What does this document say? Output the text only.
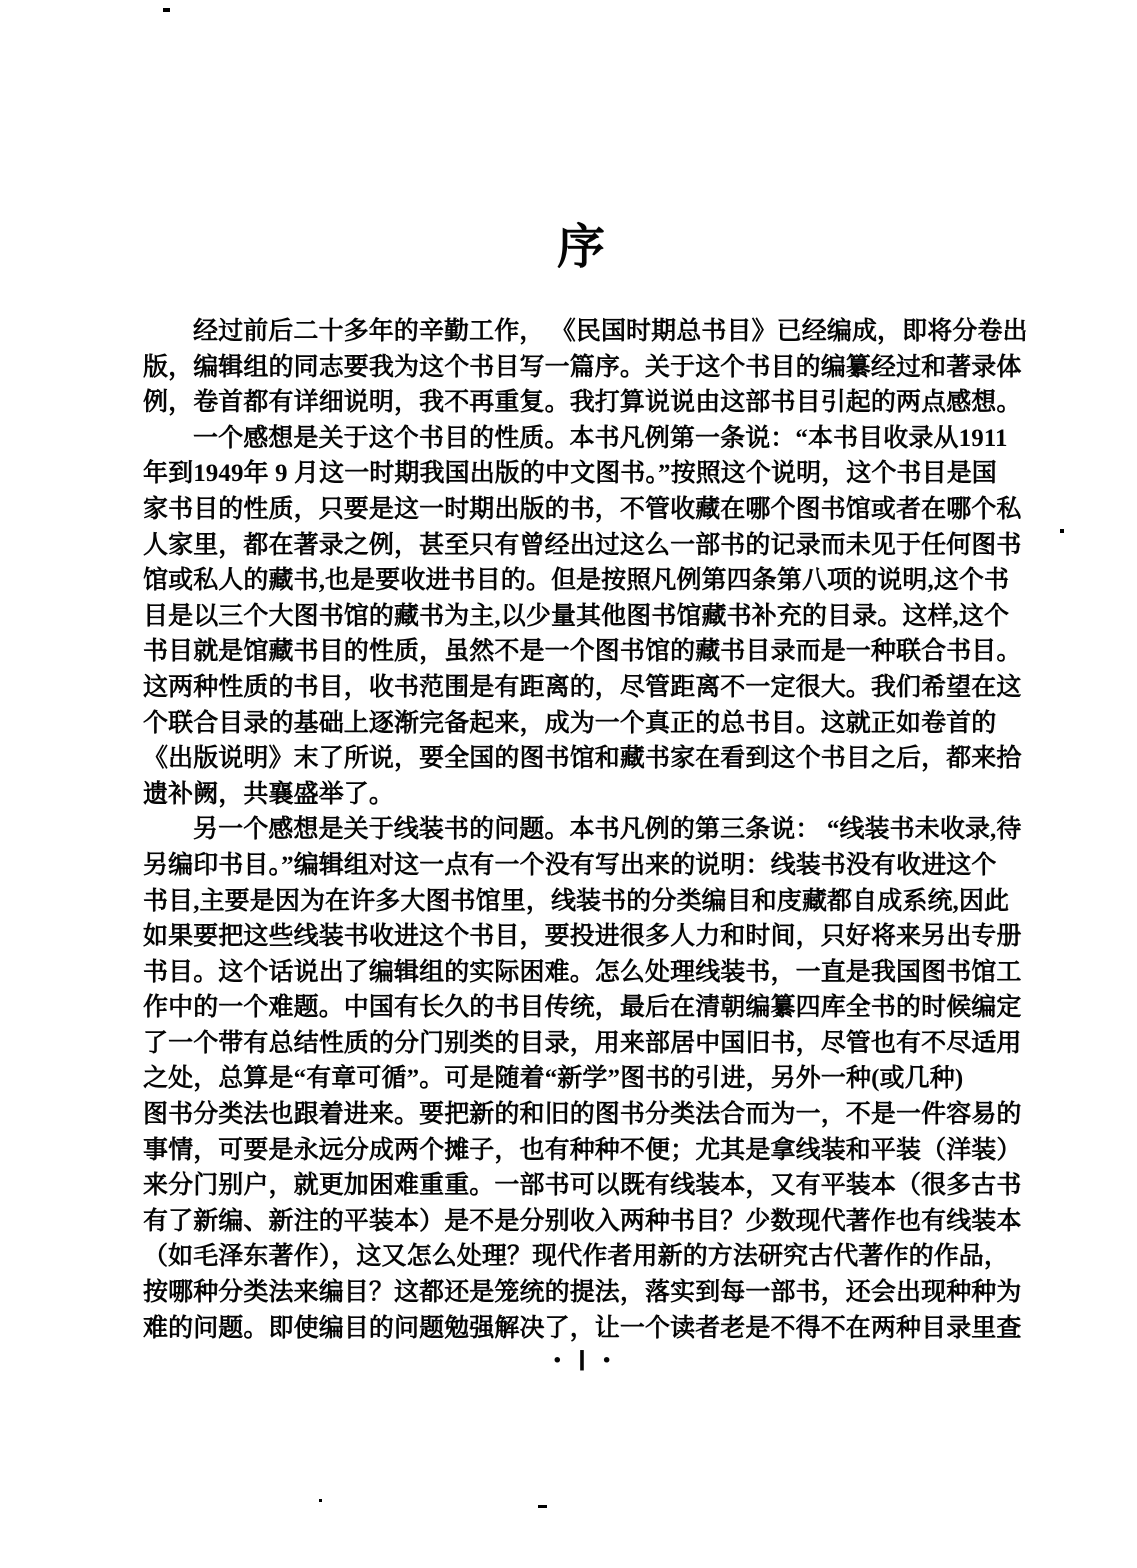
序
经过前后二十多年的辛勤工作， 《民国时期总书目》已经编成，即将分卷出
版，编辑组的同志要我为这个书目写一篇序。关于这个书目的编纂经过和著录体
例，卷首都有详细说明，我不再重复。我打算说说由这部书目引起的两点感想。
一个感想是关于这个书目的性质。本书凡例第一条说：“本书目收录从1911
年到1949年 9 月这一时期我国出版的中文图书。”按照这个说明，这个书目是国
家书目的性质，只要是这一时期出版的书，不管收藏在哪个图书馆或者在哪个私
人家里，都在著录之例，甚至只有曾经出过这么一部书的记录而未见于任何图书
馆或私人的藏书,也是要收进书目的。但是按照凡例第四条第八项的说明,这个书
目是以三个大图书馆的藏书为主,以少量其他图书馆藏书补充的目录。这样,这个
书目就是馆藏书目的性质，虽然不是一个图书馆的藏书目录而是一种联合书目。
这两种性质的书目，收书范围是有距离的，尽管距离不一定很大。我们希望在这
个联合目录的基础上逐渐完备起来，成为一个真正的总书目。这就正如卷首的
《出版说明》末了所说，要全国的图书馆和藏书家在看到这个书目之后，都来拾
遗补阙，共襄盛举了。
另一个感想是关于线装书的问题。本书凡例的第三条说： “线装书未收录,待
另编印书目。”编辑组对这一点有一个没有写出来的说明：线装书没有收进这个
书目,主要是因为在许多大图书馆里，线装书的分类编目和庋藏都自成系统,因此
如果要把这些线装书收进这个书目，要投进很多人力和时间，只好将来另出专册
书目。这个话说出了编辑组的实际困难。怎么处理线装书，一直是我国图书馆工
作中的一个难题。中国有长久的书目传统，最后在清朝编纂四库全书的时候编定
了一个带有总结性质的分门别类的目录，用来部居中国旧书，尽管也有不尽适用
之处，总算是“有章可循”。可是随着“新学”图书的引进，另外一种(或几种)
图书分类法也跟着进来。要把新的和旧的图书分类法合而为一，不是一件容易的
事情，可要是永远分成两个摊子，也有种种不便；尤其是拿线装和平装（洋装）
来分门别户，就更加困难重重。一部书可以既有线装本，又有平装本（很多古书
有了新编、新注的平装本）是不是分别收入两种书目？少数现代著作也有线装本
（如毛泽东著作），这又怎么处理？现代作者用新的方法研究古代著作的作品，
按哪种分类法来编目？这都还是笼统的提法，落实到每一部书，还会出现种种为
难的问题。即使编目的问题勉强解决了，让一个读者老是不得不在两种目录里查
· Ⅰ ·
